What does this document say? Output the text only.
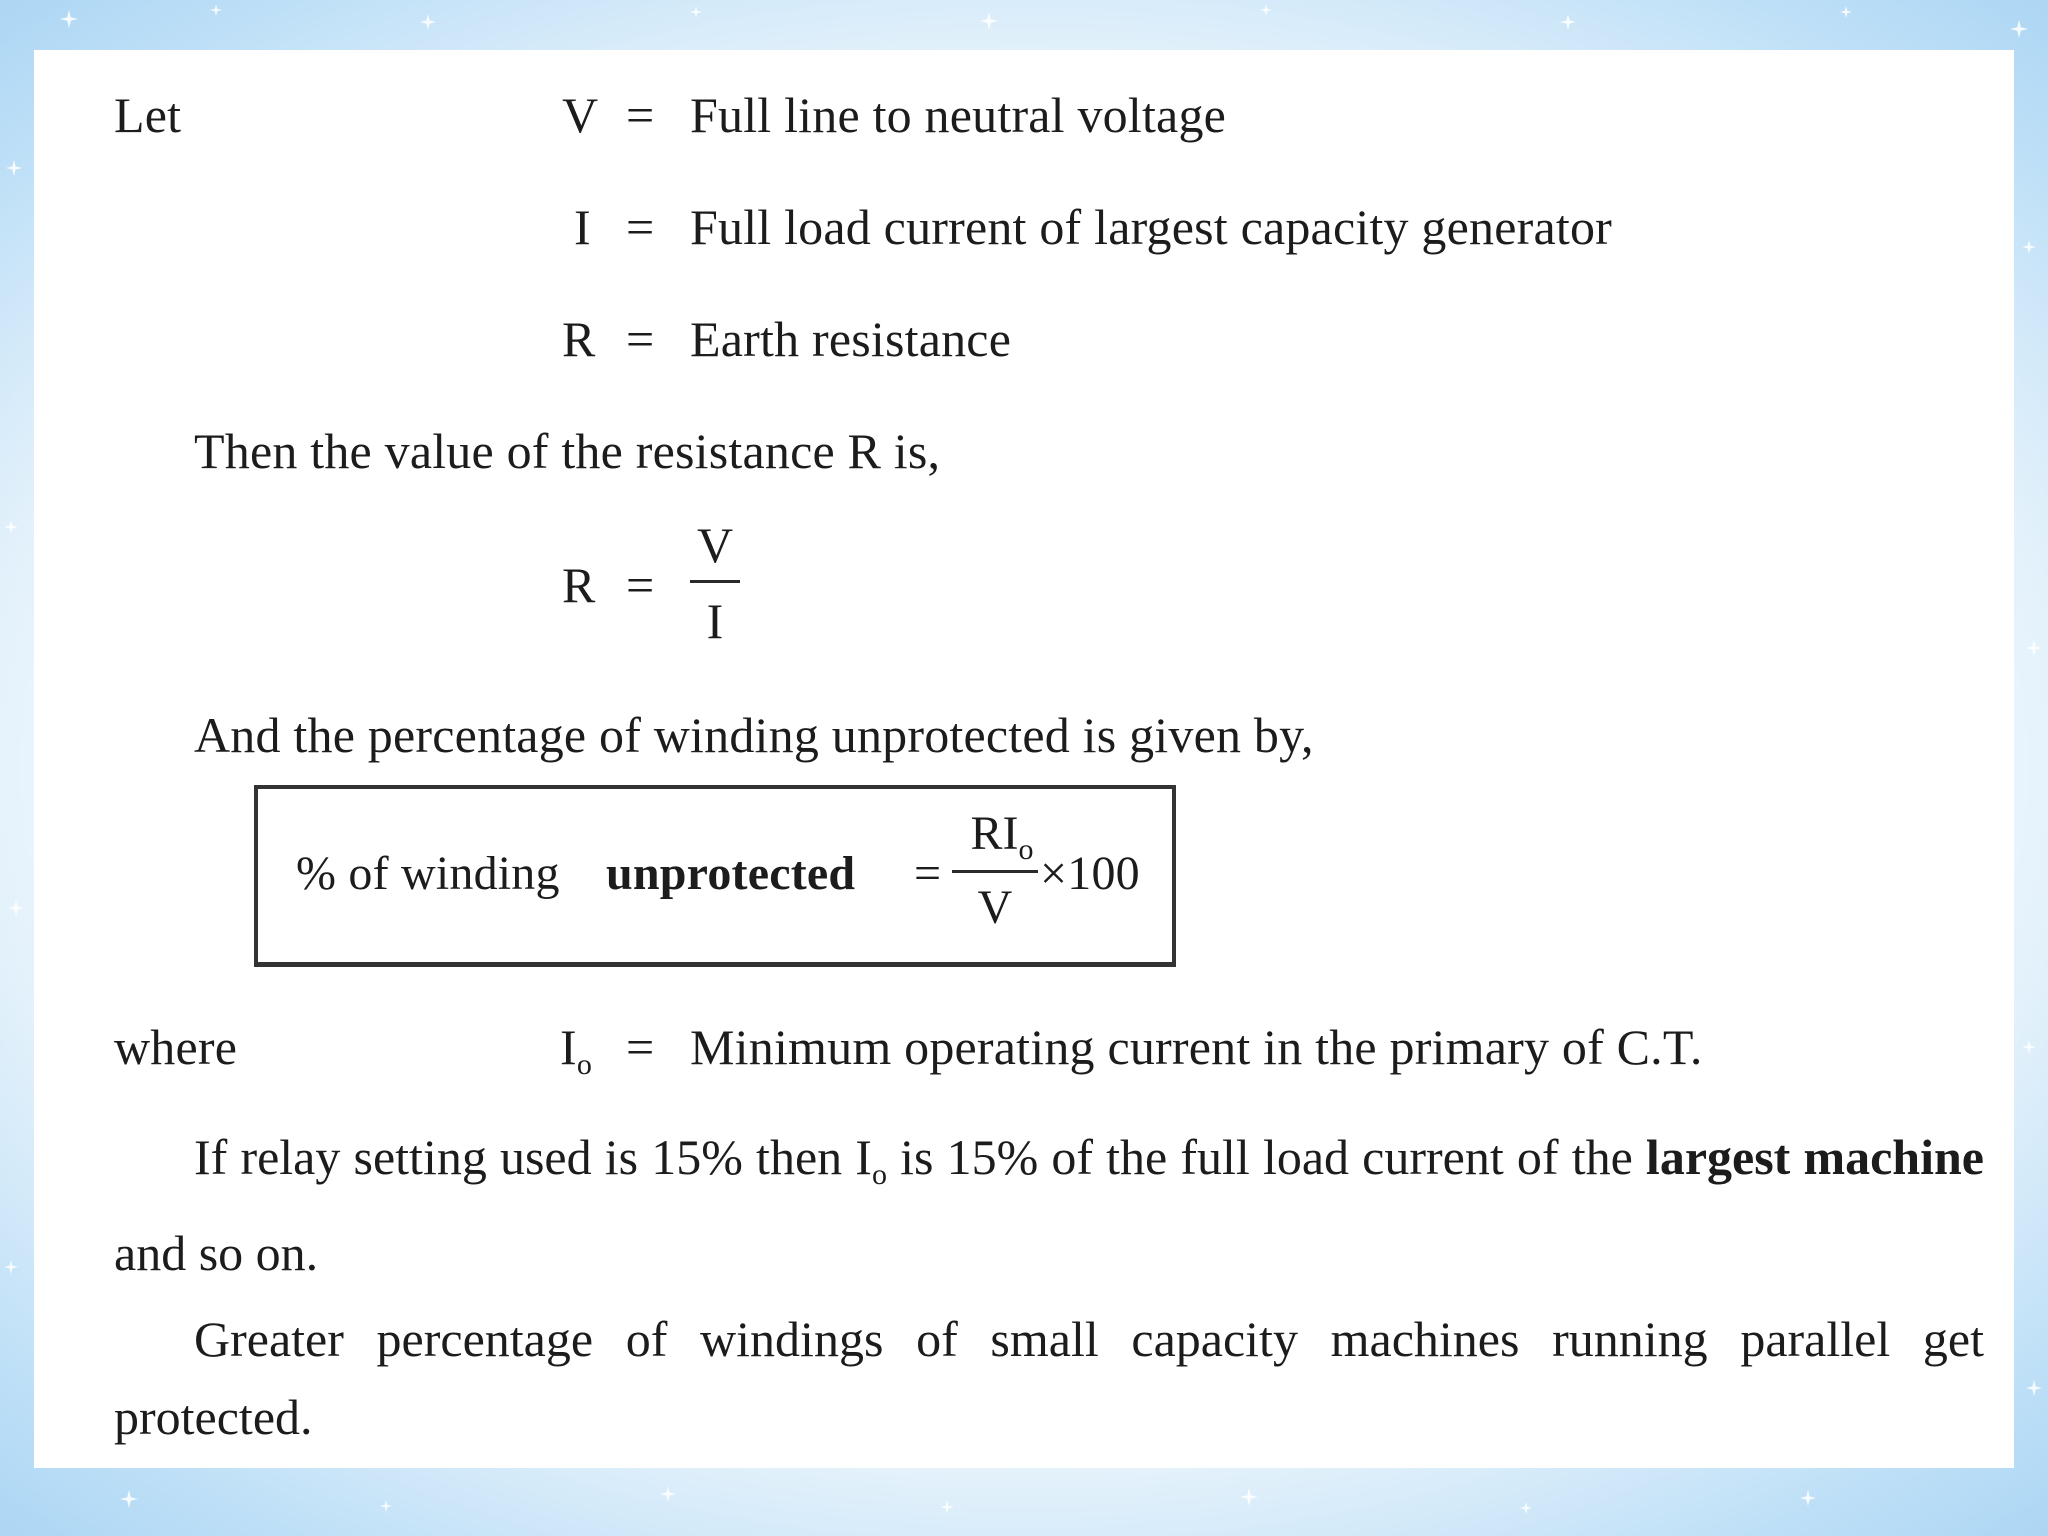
Let	V = Full line to neutral voltage
I = Full load current of largest capacity generator
R = Earth resistance
Then the value of the resistance R is,
R =
V
I
And the percentage of winding unprotected is given by,
% of winding unprotected =
$RI_o$
V
×100
where	$I_o$ = Minimum operating current in the primary of C.T.
If relay setting used is 15% then $I_o$ is 15% of the full load current of the largest machine and so on.
Greater percentage of windings of small capacity machines running parallel get protected.
